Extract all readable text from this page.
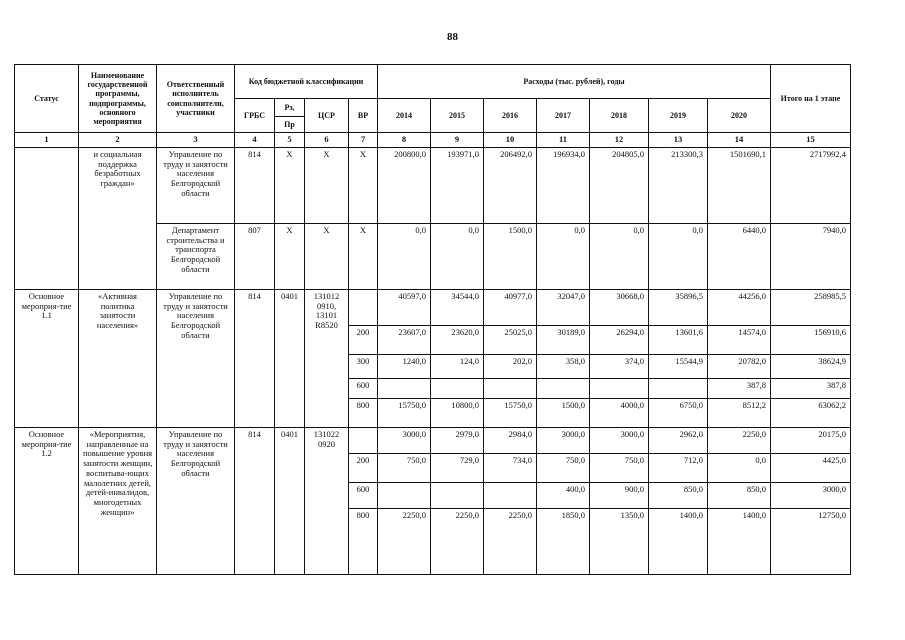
88
Статус	Наименование государственной программы, подпрограммы, основного мероприятия	Ответственный исполнитель соисполнители, участники	Код бюджетной классификации				Расходы (тыс. рублей), годы							Итого на 1 этапе
			ГРБС	Рз,	ЦСР	ВР	2014	2015	2016	2017	2018	2019	2020	
				Пр										
1	2	3	4	5	6	7	8	9	10	11	12	13	14	15
	и социальная поддержка безработных граждан»	Управление по труду и занятости населения Белгородской области	814	X	X	X	200800,0	193971,0	206492,0	196934,0	204805,0	213300,3	1501690,1	2717992,4
		Департамент строительства и транспорта Белгородской области	807	X	X	X	0,0	0,0	1500,0	0,0	0,0	0,0	6440,0	7940,0
Основное мероприя-тие 1.1	«Активная политика занятости населения»	Управление по труду и занятости населения Белгородской области	814	0401	131012 0910, 13101 R8520		40597,0	34544,0	40977,0	32047,0	30668,0	35896,5	44256,0	258985,5
						200	23607,0	23620,0	25025,0	30189,0	26294,0	13601,6	14574,0	156910,6
						300	1240,0	124,0	202,0	358,0	374,0	15544,9	20782,0	38624,9
						600							387,8	387,8
						800	15750,0	10800,0	15750,0	1500,0	4000,0	6750,0	8512,2	63062,2
Основное мероприя-тие 1.2	«Мероприятия, направленные на повышение уровня занятости женщин, воспитыва-ющих малолетних детей, детей-инвалидов, многодетных женщин»	Управление по труду и занятости населения Белгородской области	814	0401	131022 0920		3000,0	2979,0	2984,0	3000,0	3000,0	2962,0	2250,0	20175,0
						200	750,0	729,0	734,0	750,0	750,0	712,0	0,0	4425,0
						600				400,0	900,0	850,0	850,0	3000,0
						800	2250,0	2250,0	2250,0	1850,0	1350,0	1400,0	1400,0	12750,0
